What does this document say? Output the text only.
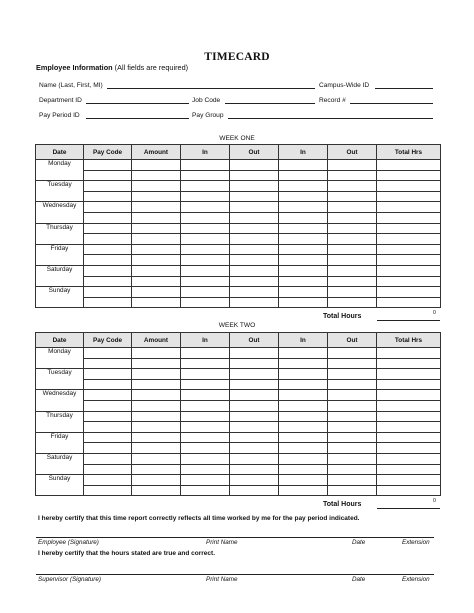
TIMECARD
Employee Information (All fields are required)
Name (Last, First, MI)	Campus-Wide ID
Department ID	Job Code	Record #
Pay Period ID	Pay Group
WEEK ONE
Date	Pay Code	Amount	In	Out	In	Out	Total Hrs
Monday							

Tuesday							

Wednesday							

Thursday							

Friday							

Saturday							

Sunday							

Total Hours	0
WEEK TWO
Date	Pay Code	Amount	In	Out	In	Out	Total Hrs
Monday							

Tuesday							

Wednesday							

Thursday							

Friday							

Saturday							

Sunday							

Total Hours	0
I hereby certify that this time report correctly reflects all time worked by me for the pay period indicated.
Employee (Signature)	Print Name	Date	Extension
I hereby certify that the hours stated are true and correct.
Supervisor (Signature)	Print Name	Date	Extension
